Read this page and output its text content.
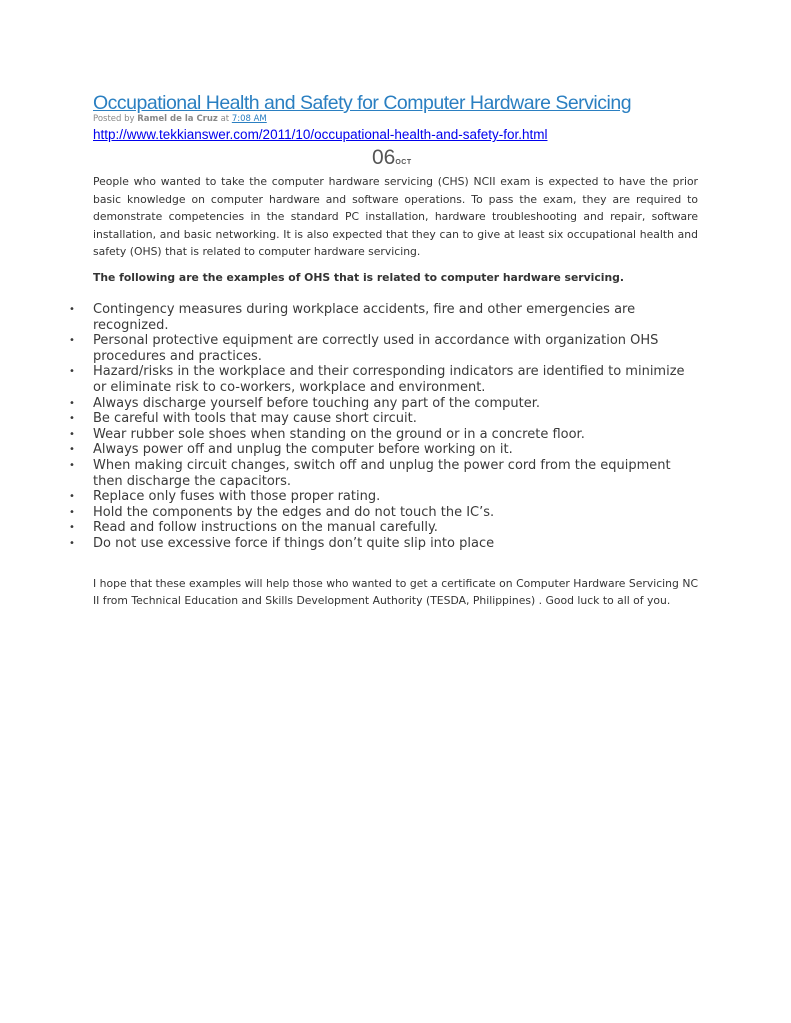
Occupational Health and Safety for Computer Hardware Servicing
Posted by Ramel de la Cruz at 7:08 AM
http://www.tekkianswer.com/2011/10/occupational-health-and-safety-for.html
06OCT

People who wanted to take the computer hardware servicing (CHS) NCII exam is expected to have the prior basic knowledge on computer hardware and software operations. To pass the exam, they are required to demonstrate competencies in the standard PC installation, hardware troubleshooting and repair, software installation, and basic networking. It is also expected that they can to give at least six occupational health and safety (OHS) that is related to computer hardware servicing.

The following are the examples of OHS that is related to computer hardware servicing.

• Contingency measures during workplace accidents, fire and other emergencies are recognized.
• Personal protective equipment are correctly used in accordance with organization OHS procedures and practices.
• Hazard/risks in the workplace and their corresponding indicators are identified to minimize or eliminate risk to co-workers, workplace and environment.
• Always discharge yourself before touching any part of the computer.
• Be careful with tools that may cause short circuit.
• Wear rubber sole shoes when standing on the ground or in a concrete floor.
• Always power off and unplug the computer before working on it.
• When making circuit changes, switch off and unplug the power cord from the equipment then discharge the capacitors.
• Replace only fuses with those proper rating.
• Hold the components by the edges and do not touch the IC’s.
• Read and follow instructions on the manual carefully.
• Do not use excessive force if things don’t quite slip into place

I hope that these examples will help those who wanted to get a certificate on Computer Hardware Servicing NC II from Technical Education and Skills Development Authority (TESDA, Philippines) . Good luck to all of you.
